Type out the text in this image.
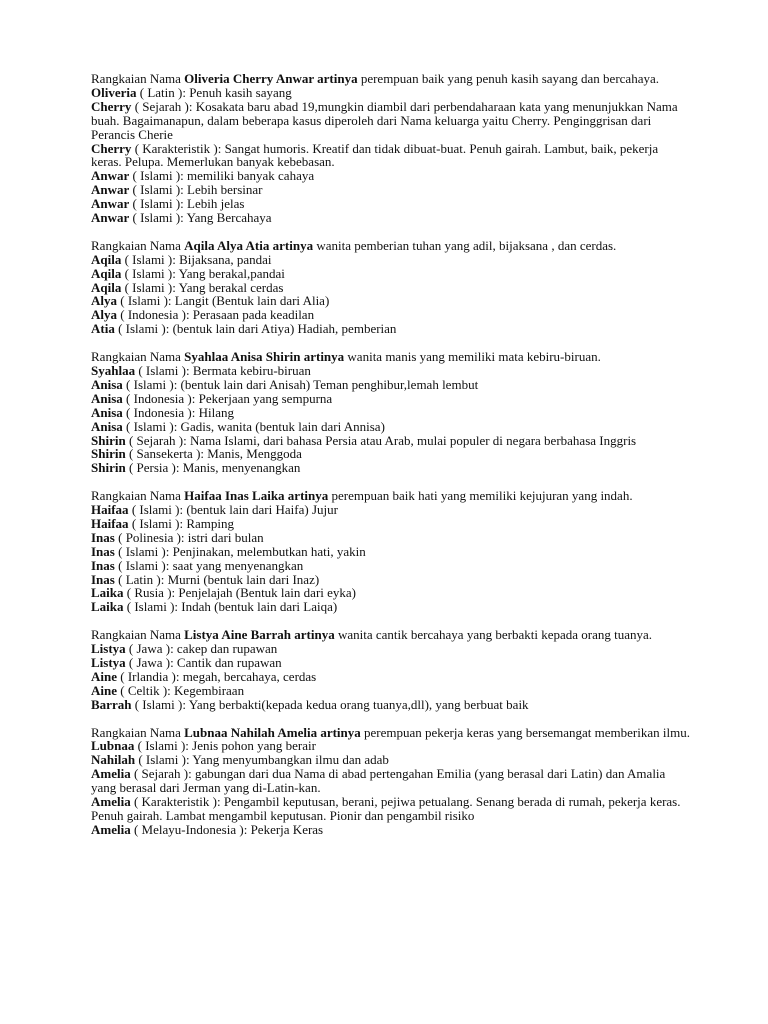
Rangkaian Nama Oliveria Cherry Anwar artinya perempuan baik yang penuh kasih sayang dan bercahaya.

Oliveria ( Latin ): Penuh kasih sayang

Cherry ( Sejarah ): Kosakata baru abad 19,mungkin diambil dari perbendaharaan kata yang menunjukkan Nama buah. Bagaimanapun, dalam beberapa kasus diperoleh dari Nama keluarga yaitu Cherry. Penginggrisan dari Perancis Cherie

Cherry ( Karakteristik ): Sangat humoris. Kreatif dan tidak dibuat-buat. Penuh gairah. Lambut, baik, pekerja keras. Pelupa. Memerlukan banyak kebebasan.

Anwar ( Islami ): memiliki banyak cahaya

Anwar ( Islami ): Lebih bersinar

Anwar ( Islami ): Lebih jelas

Anwar ( Islami ): Yang Bercahaya

Rangkaian Nama Aqila Alya Atia artinya wanita pemberian tuhan yang adil, bijaksana , dan cerdas.

Aqila ( Islami ): Bijaksana, pandai

Aqila ( Islami ): Yang berakal,pandai

Aqila ( Islami ): Yang berakal cerdas

Alya ( Islami ): Langit (Bentuk lain dari Alia)

Alya ( Indonesia ): Perasaan pada keadilan

Atia ( Islami ): (bentuk lain dari Atiya) Hadiah, pemberian

Rangkaian Nama Syahlaa Anisa Shirin artinya wanita manis yang memiliki mata kebiru-biruan.

Syahlaa ( Islami ): Bermata kebiru-biruan

Anisa ( Islami ): (bentuk lain dari Anisah) Teman penghibur,lemah lembut

Anisa ( Indonesia ): Pekerjaan yang sempurna

Anisa ( Indonesia ): Hilang

Anisa ( Islami ): Gadis, wanita (bentuk lain dari Annisa)

Shirin ( Sejarah ): Nama Islami, dari bahasa Persia atau Arab, mulai populer di negara berbahasa Inggris

Shirin ( Sansekerta ): Manis, Menggoda

Shirin ( Persia ): Manis, menyenangkan

Rangkaian Nama Haifaa Inas Laika artinya perempuan baik hati yang memiliki kejujuran yang indah.

Haifaa ( Islami ): (bentuk lain dari Haifa) Jujur

Haifaa ( Islami ): Ramping

Inas ( Polinesia ): istri dari bulan

Inas ( Islami ): Penjinakan, melembutkan hati, yakin

Inas ( Islami ): saat yang menyenangkan

Inas ( Latin ): Murni (bentuk lain dari Inaz)

Laika ( Rusia ): Penjelajah (Bentuk lain dari eyka)

Laika ( Islami ): Indah (bentuk lain dari Laiqa)

Rangkaian Nama Listya Aine Barrah artinya wanita cantik bercahaya yang berbakti kepada orang tuanya.

Listya ( Jawa ): cakep dan rupawan

Listya ( Jawa ): Cantik dan rupawan

Aine ( Irlandia ): megah, bercahaya, cerdas

Aine ( Celtik ): Kegembiraan

Barrah ( Islami ): Yang berbakti(kepada kedua orang tuanya,dll), yang berbuat baik

Rangkaian Nama Lubnaa Nahilah Amelia artinya perempuan pekerja keras yang bersemangat memberikan ilmu.

Lubnaa ( Islami ): Jenis pohon yang berair

Nahilah ( Islami ): Yang menyumbangkan ilmu dan adab

Amelia ( Sejarah ): gabungan dari dua Nama di abad pertengahan Emilia (yang berasal dari Latin) dan Amalia yang berasal dari Jerman yang di-Latin-kan.

Amelia ( Karakteristik ): Pengambil keputusan, berani, pejiwa petualang. Senang berada di rumah, pekerja keras. Penuh gairah. Lambat mengambil keputusan. Pionir dan pengambil risiko

Amelia ( Melayu-Indonesia ): Pekerja Keras
